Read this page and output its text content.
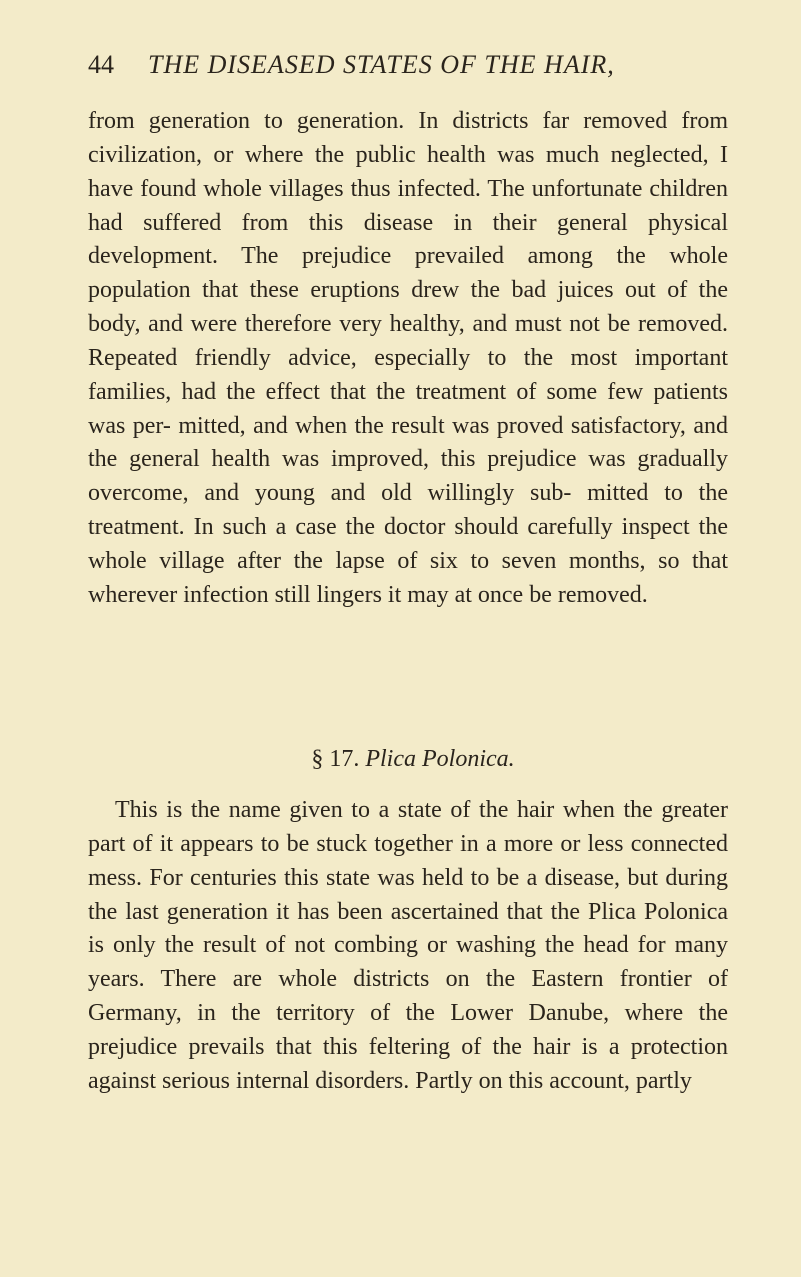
44 THE DISEASED STATES OF THE HAIR,

from generation to generation. In districts far removed from civilization, or where the public health was much neglected, I have found whole villages thus infected. The unfortunate children had suffered from this disease in their general physical development. The prejudice prevailed among the whole population that these eruptions drew the bad juices out of the body, and were therefore very healthy, and must not be removed. Repeated friendly advice, especially to the most important families, had the effect that the treatment of some few patients was per- mitted, and when the result was proved satisfactory, and the general health was improved, this prejudice was gradually overcome, and young and old willingly sub- mitted to the treatment. In such a case the doctor should carefully inspect the whole village after the lapse of six to seven months, so that wherever infection still lingers it may at once be removed.

§ 17. Plica Polonica.

This is the name given to a state of the hair when the greater part of it appears to be stuck together in a more or less connected mess. For centuries this state was held to be a disease, but during the last generation it has been ascertained that the Plica Polonica is only the result of not combing or washing the head for many years. There are whole districts on the Eastern frontier of Germany, in the territory of the Lower Danube, where the prejudice prevails that this feltering of the hair is a protection against serious internal disorders. Partly on this account, partly
